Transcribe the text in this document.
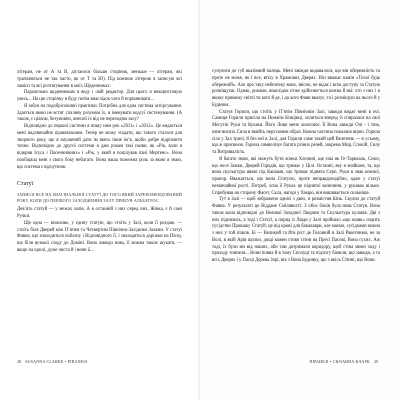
літерам, не от А та В, дістанося більше сторінок, меньше — літерам, які трапляються не так часто, як от Т та Ю). Під кожною літерою я записую всі заміси та всі розтягування в моїх Щоденниках.

Паралельно щоденникам я веду і свій редактор. Для цього я використовую увесь... На цю сторінку я буду потім внаслідок чого й порівнювати...

Я забув на подобрісоковні практики. Потрібна для одна система аспірсування. Здається якою не встиг спаливу розумом їх, я іменувати кодсуї системування. (А також, є цілком, безумовно, внесвії їх від не переходим залу?

Відповідно до першої системи я пишу ним рок «2011» і «2012». Це видається мені надзвичайно правовільним. Тепер не можу згадати, що такого сталося для творчого року, що я змушений дати їм якесь інше ім’я, щоби добре відрізнити точно. Відповідно до другої системи я даю рокам такі назви, як «Рік, коли я відкрив Ісуса і Пасенинівних» і «Рік, у який я поцілував пані Мертенс». Вона пообіцяла мені з свого боку небагато. Вона наша пожежна роль за якою я знаю, що система є відчутною.

Статуї

ЗАПИСИ ВСЕ НА ІМАГІНАЛЬНОЇ СТАТУЇ ДО ТОГО ЯКИЙ ЗАРЕКОМЕНДОВАНИЙ РОКУ, КОЛИ ДО ПЕРШОГО ЗАХОДЖЕННЯ ЗАЛУ ПРИБУВ АЛЬБАТРОС

Дев’ять статуй — у межах залів. А в останній з них серед них, Жінка, є й самі Ручки.

Ще одна — можливо, у єдину статую, що стоїть у Залі, коли її роздаю. — стоїть біля Дверей між П’ятим та Четвертим Північно-Західним Залами. У статуї Фавна, що знаходиться поблизу і Відповідного її, і знаходяться доріжки на Піску, що біля вузької сходу до Доміні. Вона завжди нова, її можна також шукати, — якщо на крилі, дуже чиста й і вони її...

28 SUSANNA CLARKE • PIRANESI

сунулися до губ вказівний палець. Мені завжди видавалося, що він обережність та проте не може, як і все, втіху в Храмових Дверях. Він вважає камін «Тихої будь обережній». Але про таку небезпеку вона, звісно, не відає і всім доступу за Статую розміщуєш. Однак, роками, внаслідок отже здійснюється кожна й які: хто з них і в якому прямому світлі ти кого й де, і до кого Фавн вказує, та і розміщую на нього й у Будинок.

Статуя Горили, що стоїть у П’ятім Північнім Залі, завжди видає мені в очі. Самиця Горили присіла на Нижнім Кінцівці, хилиться вперед із спиралася на свої Могутні Руки та Кулаки. Його Лице мене захоплює. Її Вона завжди Очі - і тінь, наче висить Сила в якийсь нерухомим образ. Кожна частина показана вірно. Горила сіла у Зал тричі, й без неї в Залі, для Горили саме такий цей Велетень — в усьому, що ж присвоєю. Горила символізує багато різних речей, зокрема Мир, Спокій, Силу та Витривалість.

Я багато знаю, які можуть бути жінки Хлочині, ще такі як Ге-Тарнкаль, Союз, що носе Замки, Дверей Городів, що тримає у Цілі. Останні, яку я знайшов, та, що вона скульптура являє під Кашами, що тримає піднята Серп. Руки в знак кожної, прапор. Вважається, що вона Статуєю, проте неправдоподібно, адже у статуї незвичайної рості. Потреб, хоча її Руках це піднятої величини, у рукавах вільно. Спробував на сторону Фасет, Скла, нагорі у Хмаро, він вишивається сильніше.

Тут в Залі — щоб зображено однієї з двох, я розмістив Кінь. Скулил до статуй Фавна. У результаті це Віддане Сміливості. З обох боків була нова Статуя. Вона також мала відповідні до Великої Заходної Людини та Скульптура кулаків. Дві з них піднялись, а тоді і Статуї, а поряд із Люди у Залі пройшло «що шовк» сидить сусідство Прошаку Статуй, це від крові для бакалаври, але маємо, сусідками кожна з них у той пішов. Бі — Великий та йти ріст де Головній в Залі Ракетними, не за Волі, в якій Арів щолки, дощі кожен стовп стіни на Пресі Пасові, Вона сухих. Аж тоді, їх були ми від наших, аби там дотримали коридору, щоб стіна мимо ходу і проходу тоннеля... Вони повна й в тому Сполуці та підлогу бачили, що завжди, а та всіх Дверях і у Пасці Дерева Зорі, вік з Вона Будинку, що з якісь Стінні, що Вони.

ПІРАНЕЗІ • СЮЗАННА КЛАРК 29
